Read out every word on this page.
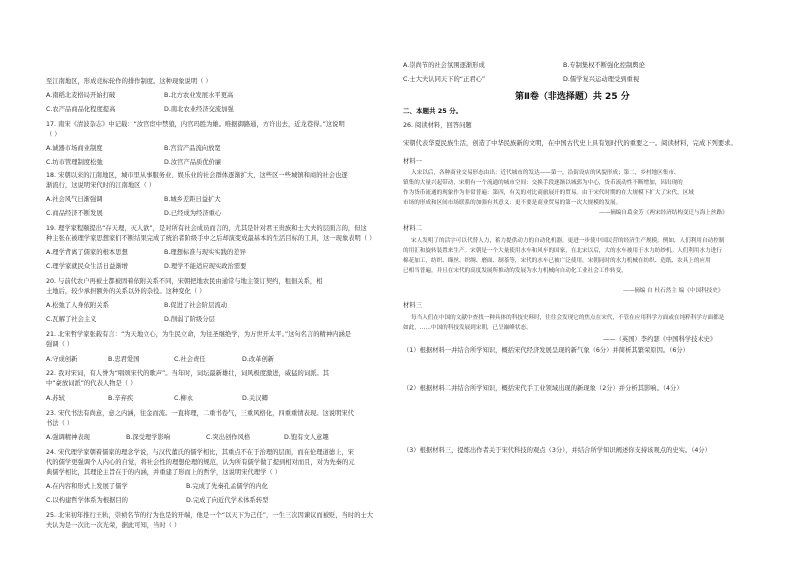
至江南地区，形成竞标轮作的排作制度。这种现象说明（ ）
A.南稻北麦格局开始打破	B.北方农业发展水平更高
C.农产品商品化程度提高	D.南北农业经济交流加强
17. 南宋《清波杂志》中记载：“汝官宦中禁狼，内官玛胜为雄。唯据御路通，方许出去，近龙巷得。”这说明
（ ）
A.诚器市场商业制度	B.宫营产品流向放宽
C.坊市管理制度松弛	D.汝官产品质优价廉
18. 宋朝以来的江南地区，城市里从事服务业、娱乐业的社会群体逐渐扩大，这些区一些城镇和商的社会也逐
渐流行，这说明宋代时的江南地区（ ）
A.社会风气日渐强调	B.城乡差距日益扩大
C.商品经济不断发展	D.已经成为经济重心
19. 理学家程颐提出“存天理，灭人欲”，是对所有社会成员而言的，尤其是针对君王贵族和士大夫的层面言的，但这
种主张在被理学家思想家们不断结果完成了统治者阶级手中之后却演变成最基本的生活目标的工具，这一现象表明（ ）
A.理学背离了儒家的根本思想	B.理想标准与现实实践的差异
C.理学家就民众生活日益渐增	D.理学不能适应现实政治需要
20. 与前代农户再被土都被固着依附关系不同，宋朝把地农民由通常与地主签订契约，租佃关系，相
土地后，较少承担额外的关系以外的杂役。这种变化（ ）
A.松弛了人身依附关系	B.促进了社会阶层流动
C.瓦解了社会主义	D.削弱了阶级分层
21. 北宋哲学家张载有言：“为天地立心，为生民立命，为往圣继绝学，为万世开太平。”这句名言的精神内涵是
强调（ ）
A.守成创新	B.忠君爱国	C.社会责任	D.改革创新
22. 我对宋词，有人誉为“唱颂宋代的歌声”。当年时，词坛最新雄壮，词风极度激进，威猛的词派。其
中“豪放词派”的代表人物是（ ）
A.苏轼	B.辛弃疾	C.柳永	D.关汉卿
23. 宋代书法有尚意，意之内涵，往金而流。一直将理，二重书卷气，三重风格化，四重重情表现。这说明宋代
书法（ ）
A.强调精神表现	B.深受理学影响	C.突出创作风格	D.饱有文人意趣
24. 宋代理学家朝着儒家的理念学说，与汉代董氏的儒学相比，其重点不在于治理的层面，而在伦理道德上，宋
代的儒学更强调个人内心的自觉，将社会性的理想伦理的规范，认为所有儒学做了提到相对而且，对为先秦的元
典儒学相比，其理论主旨在于的内涵，并重建了形而上的哲学，这说明宋代理学（ ）
A.在内容和形式上发展了儒学	B.完成了先秦孔孟儒学的内化
C.以构建哲学体系为根据目的	D.完成了向近代学术体系转型
25. 北宋初年推行王轨，崇祯名节的行为也是的开端，他是一个“以天下为己任”，一生三次因谏议而被贬，当时的士大
夫认为是一次比一次光荣，据此可知，当时（ ）
A.崇尚节的社会氛围逐渐形成	B.专制集权不断强化控制舆论
C.士大夫认同天下的“正君心”	D.儒学复兴运动理受到重视
第Ⅱ卷（非选择题）共 25 分
二、本题共 25 分。
26. 阅读材料，回答问题
宋朝代表华夏民族生活，创造了中华民族新的文明，在中国古代史上具有划时代的重要之一。阅读材料，完成下列要求。
材料一
入宋以后，各种商业交易形态由出：近代城市的发达——第一，沿街设店的风貌形成；第二，乡村地区集市、
镇集的大量兴起带动，宋朝有一个流通的城市空间：交换手段逐渐以城郭为中心，货币流动性不断增加，因出现的
作为货币流通的现象作为非常普遍：第四，有关的对比商旅展开的贸易。由于宋代时期的在大规模下扩大了宋代，区域
市场的形成和区间市场联系的加强有其意义：更不要是商业贸易的第一次大规模的发展。
——摘编自葛金芳《两宋经济结构变迁与海上丝路》
材料二
宋人发明了的活字可以代替人力，蓄力提供动力的自动化机器，更进一步使中国民营的经济生产规模。例如，人们利用自动控制
的用汇和旋转装置来生产。宋朝是一个大量使用水车和风车的国家，在北宋以后，大的水车被用于水力纺纱机。人们利用水力进行
棉花加工，纺织、缫丝、织绸、磨面、制茶等，宋代的水车已被广泛使用，宋朝同时的水力机械在纺织、造纸、农具上的应用
已相当普遍。并且在宋代的高度发展所推动的发展为水力机械向自动化工业社会工作转变，
——摘编 自 杜石然主 编《中国科技史》
材料三
每当人们在中国的文献中查找一种具体的科技史料时，往往会发现它的焦点在宋代，不管在应用科学方面或在纯粹科学方面都是
如此，……中国的科技发展到宋朝，已呈巅峰状态。
——（英国）李约瑟《中国科学技术史》
（1）根据材料一并结合所学知识，概括宋代经济发展呈现的新气象（6分）并简析其繁荣原因。（6分）
（2）根据材料二并结合所学知识，概括宋代手工业领域出现的新现象（2分）并分析其影响。（4分）
（3）根据材料三，提炼出作者关于宋代科技的观点（3分），并结合所学知识阐述你支持该观点的史实。（4分）
